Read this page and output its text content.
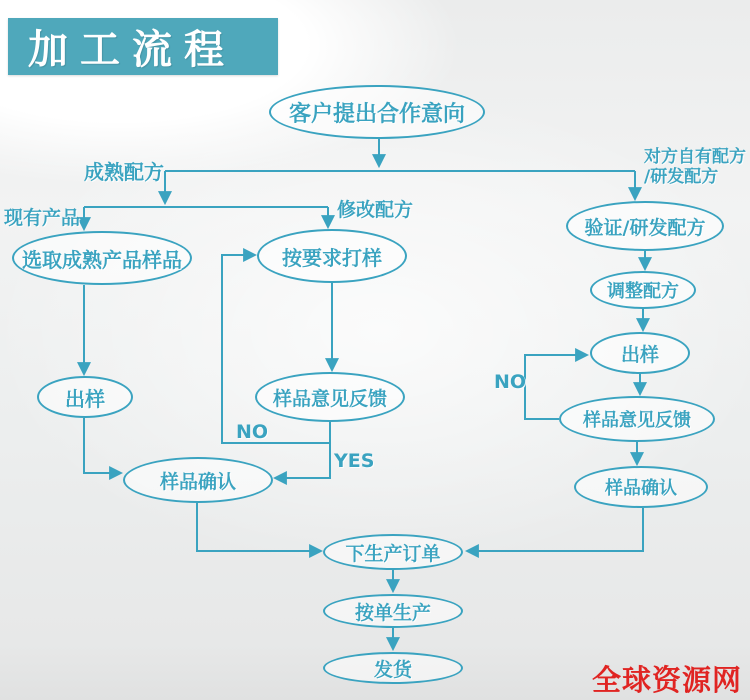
加工流程
客户提出合作意向
选取成熟产品样品	按要求打样
验证/研发配方
出样	样品意见反馈
样品确认
调整配方
出样
样品意见反馈
样品确认
下生产订单
按单生产
发货
成熟配方
现有产品	修改配方
对方自有配方
/研发配方
NO
YES
NO
全球资源网
